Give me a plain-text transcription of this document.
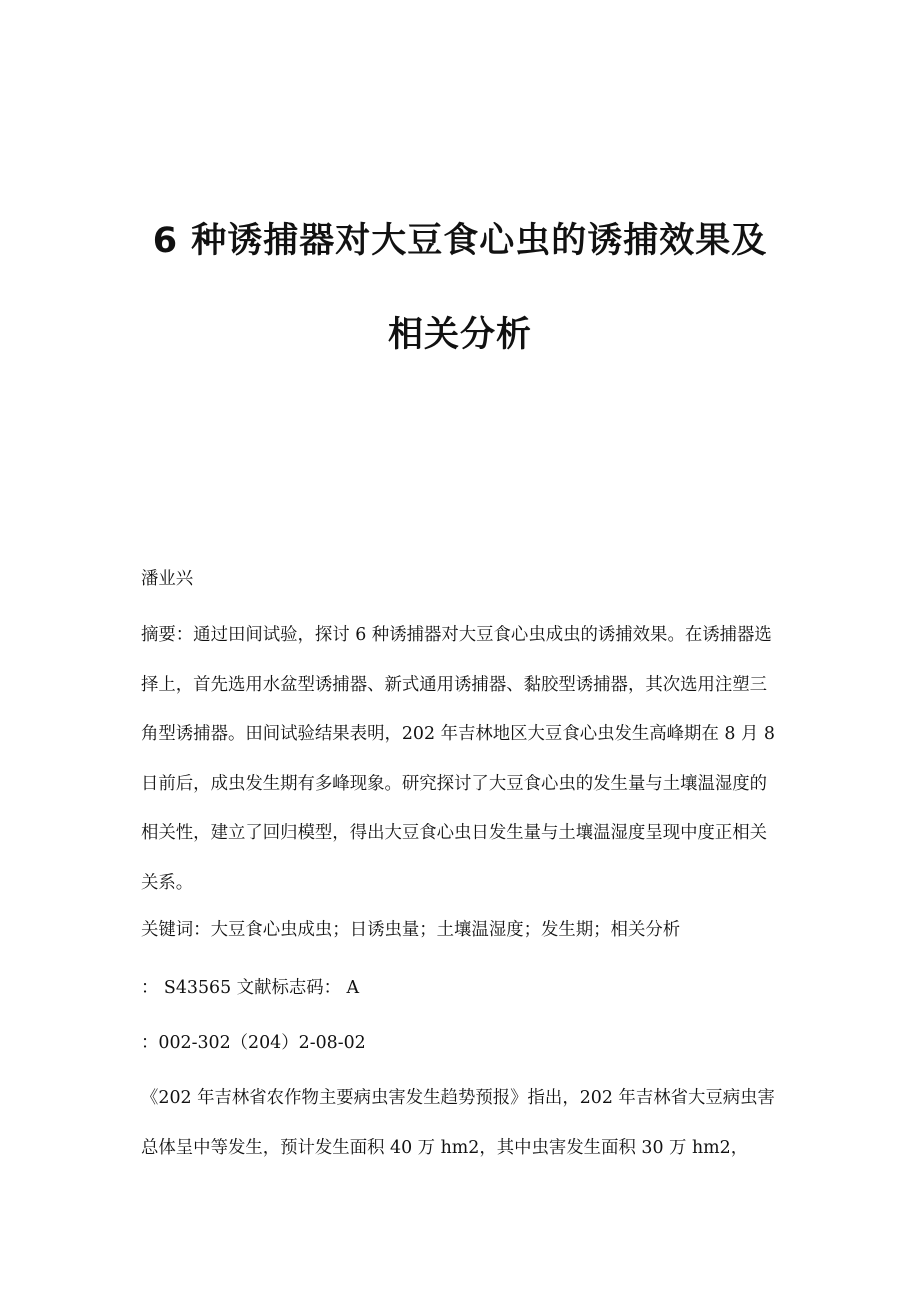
6 种诱捕器对大豆食心虫的诱捕效果及
相关分析

潘业兴

摘要：通过田间试验，探讨 6 种诱捕器对大豆食心虫成虫的诱捕效果。在诱捕器选择上，首先选用水盆型诱捕器、新式通用诱捕器、黏胶型诱捕器，其次选用注塑三角型诱捕器。田间试验结果表明，202 年吉林地区大豆食心虫发生高峰期在 8 月 8 日前后，成虫发生期有多峰现象。研究探讨了大豆食心虫的发生量与土壤温湿度的相关性，建立了回归模型，得出大豆食心虫日发生量与土壤温湿度呈现中度正相关关系。

关键词：大豆食心虫成虫；日诱虫量；土壤温湿度；发生期；相关分析

： S43565 文献标志码： A

：002-302（204）2-08-02

《202 年吉林省农作物主要病虫害发生趋势预报》指出，202 年吉林省大豆病虫害总体呈中等发生，预计发生面积 40 万 hm2，其中虫害发生面积 30 万 hm2，
